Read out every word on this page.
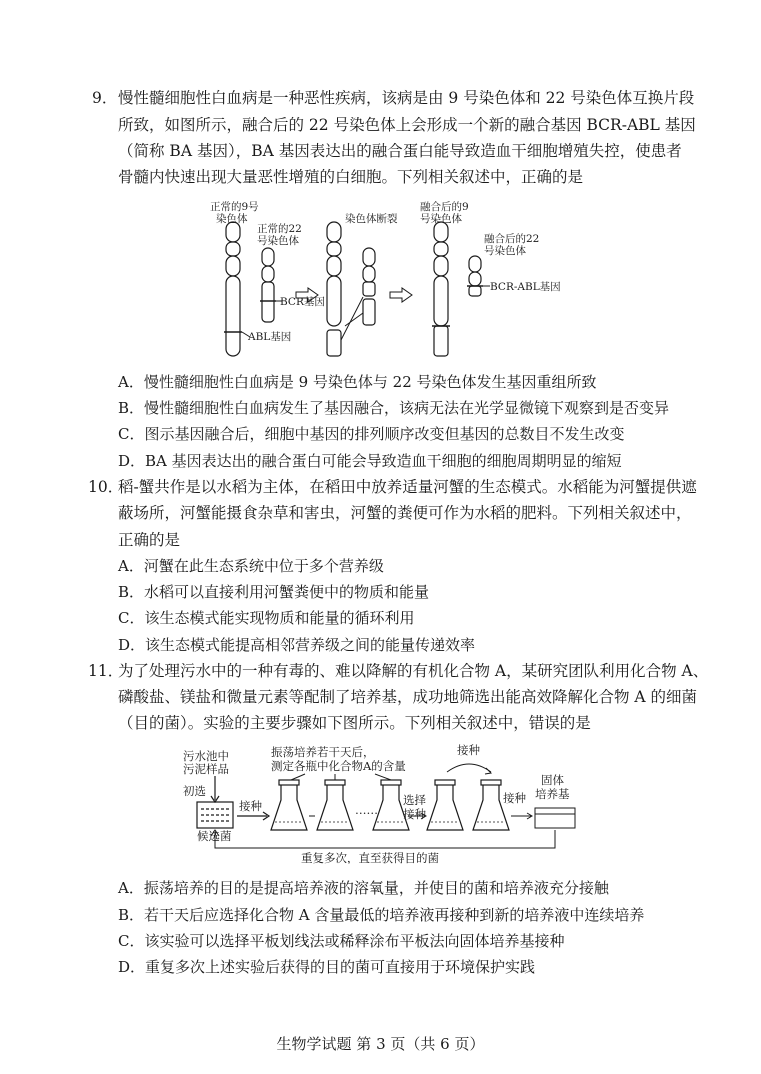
9． 慢性髓细胞性白血病是一种恶性疾病，该病是由 9 号染色体和 22 号染色体互换片段
所致，如图所示，融合后的 22 号染色体上会形成一个新的融合基因 BCR-ABL 基因
（简称 BA 基因），BA 基因表达出的融合蛋白能导致造血干细胞增殖失控，使患者
骨髓内快速出现大量恶性增殖的白细胞。下列相关叙述中，正确的是
正常的9号
染色体
正常的22
号染色体
BCR基因
ABL基因
染色体断裂
融合后的9
号染色体
融合后的22
号染色体
BCR-ABL基因
A．慢性髓细胞性白血病是 9 号染色体与 22 号染色体发生基因重组所致
B．慢性髓细胞性白血病发生了基因融合，该病无法在光学显微镜下观察到是否变异
C．图示基因融合后，细胞中基因的排列顺序改变但基因的总数目不发生改变
D．BA 基因表达出的融合蛋白可能会导致造血干细胞的细胞周期明显的缩短
10．
稻-蟹共作是以水稻为主体，在稻田中放养适量河蟹的生态模式。水稻能为河蟹提供遮
蔽场所，河蟹能摄食杂草和害虫，河蟹的粪便可作为水稻的肥料。下列相关叙述中，
正确的是
A．河蟹在此生态系统中位于多个营养级
B．水稻可以直接利用河蟹粪便中的物质和能量
C．该生态模式能实现物质和能量的循环利用
D．该生态模式能提高相邻营养级之间的能量传递效率
11．
为了处理污水中的一种有毒的、难以降解的有机化合物 A，某研究团队利用化合物 A、
磷酸盐、镁盐和微量元素等配制了培养基，成功地筛选出能高效降解化合物 A 的细菌
（目的菌）。实验的主要步骤如下图所示。下列相关叙述中，错误的是
污水池中
污泥样品
初选
候选菌
接种
振荡培养若干天后，
测定各瓶中化合物A的含量
……
选择
接种
接种
接种
固体
培养基
重复多次，直至获得目的菌
A．振荡培养的目的是提高培养液的溶氧量，并使目的菌和培养液充分接触
B．若干天后应选择化合物 A 含量最低的培养液再接种到新的培养液中连续培养
C．该实验可以选择平板划线法或稀释涂布平板法向固体培养基接种
D．重复多次上述实验后获得的目的菌可直接用于环境保护实践
生物学试题 第 3 页（共 6 页）
